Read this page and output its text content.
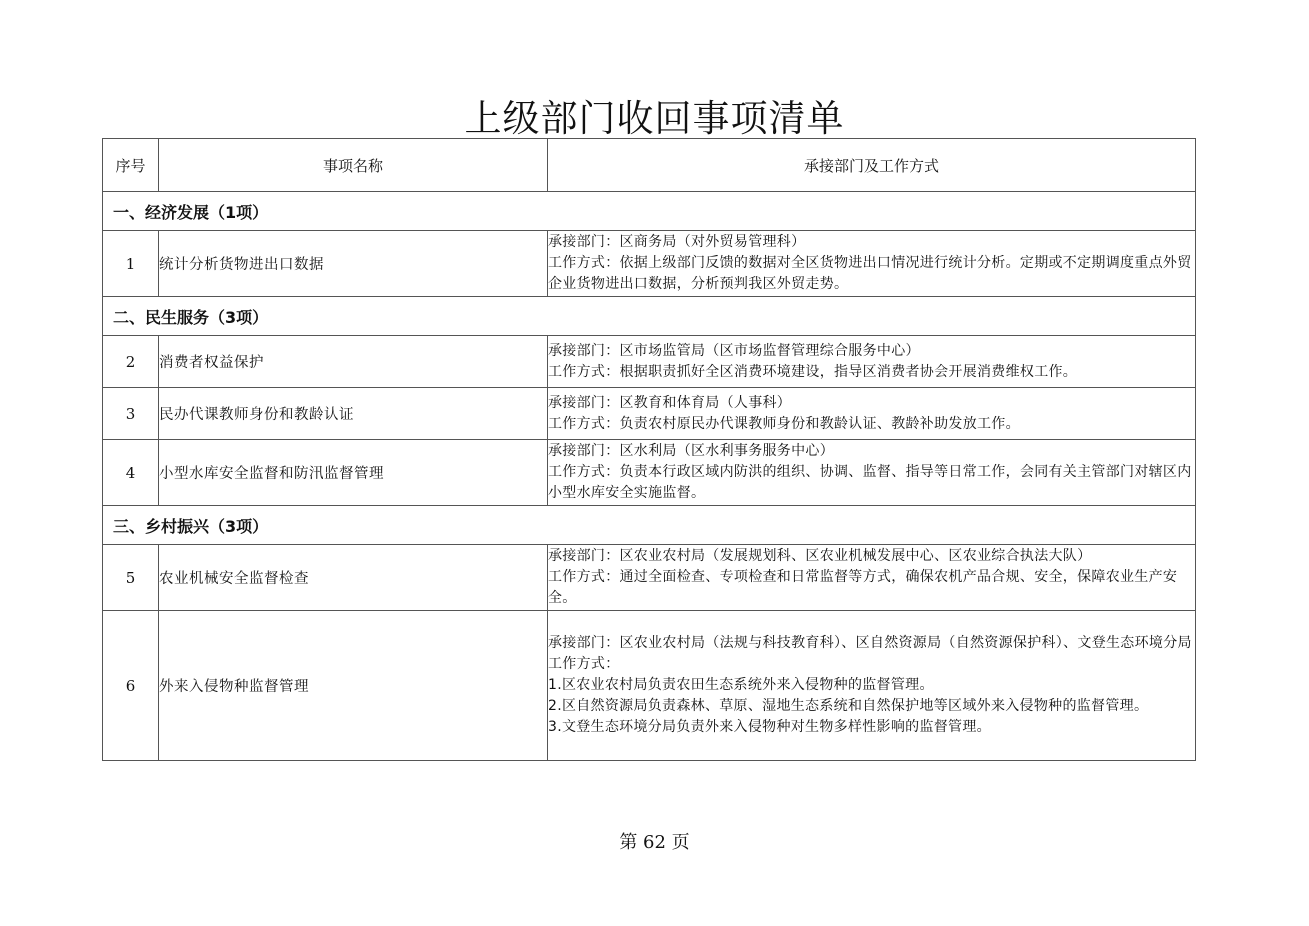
上级部门收回事项清单
序号	事项名称	承接部门及工作方式
一、经济发展（1项）		
1	统计分析货物进出口数据	承接部门：区商务局（对外贸易管理科）
工作方式：依据上级部门反馈的数据对全区货物进出口情况进行统计分析。定期或不定期调度重点外贸企业货物进出口数据，分析预判我区外贸走势。

二、民生服务（3项）		
2	消费者权益保护	承接部门：区市场监管局（区市场监督管理综合服务中心）
工作方式：根据职责抓好全区消费环境建设，指导区消费者协会开展消费维权工作。

3	民办代课教师身份和教龄认证	承接部门：区教育和体育局（人事科）
工作方式：负责农村原民办代课教师身份和教龄认证、教龄补助发放工作。

4	小型水库安全监督和防汛监督管理	承接部门：区水利局（区水利事务服务中心）
工作方式：负责本行政区域内防洪的组织、协调、监督、指导等日常工作，会同有关主管部门对辖区内小型水库安全实施监督。

三、乡村振兴（3项）		
5	农业机械安全监督检查	承接部门：区农业农村局（发展规划科、区农业机械发展中心、区农业综合执法大队）
工作方式：通过全面检查、专项检查和日常监督等方式，确保农机产品合规、安全，保障农业生产安全。

6	外来入侵物种监督管理	承接部门：区农业农村局（法规与科技教育科）、区自然资源局（自然资源保护科）、文登生态环境分局
工作方式：
1.区农业农村局负责农田生态系统外来入侵物种的监督管理。
2.区自然资源局负责森林、草原、湿地生态系统和自然保护地等区域外来入侵物种的监督管理。
3.文登生态环境分局负责外来入侵物种对生物多样性影响的监督管理。
第 62 页
